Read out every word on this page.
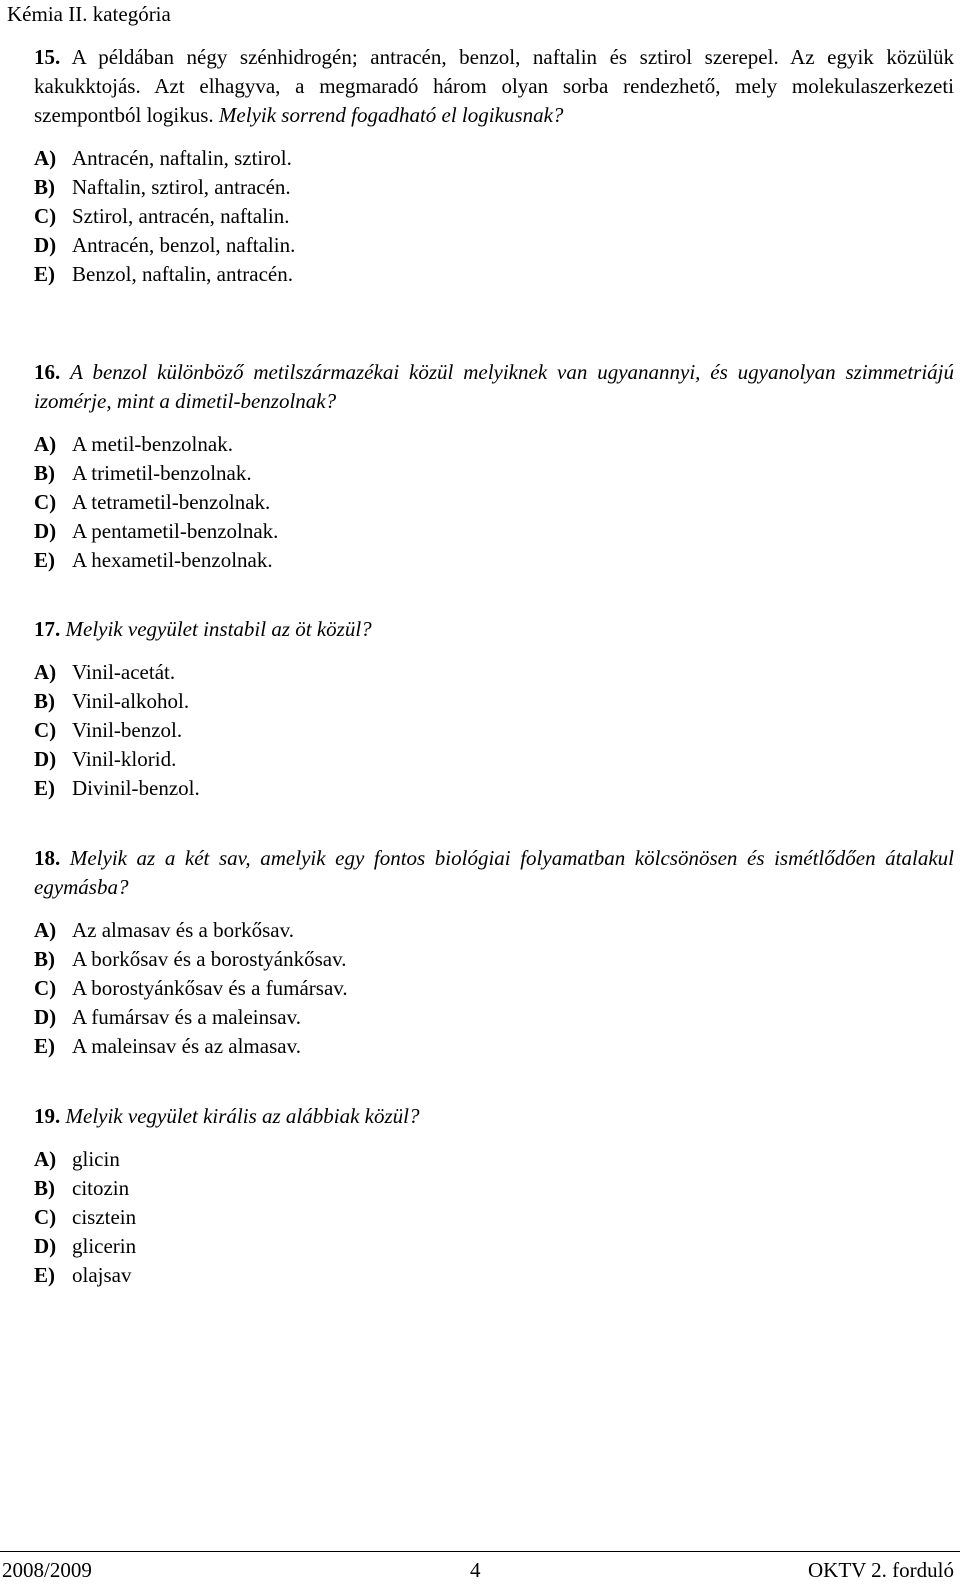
Kémia II. kategória
15. A példában négy szénhidrogén; antracén, benzol, naftalin és sztirol szerepel. Az egyik közülük kakukktojás. Azt elhagyva, a megmaradó három olyan sorba rendezhető, mely molekulaszerkezeti szempontból logikus. Melyik sorrend fogadható el logikusnak?
A) Antracén, naftalin, sztirol.
B) Naftalin, sztirol, antracén.
C) Sztirol, antracén, naftalin.
D) Antracén, benzol, naftalin.
E) Benzol, naftalin, antracén.
16. A benzol különböző metilszármazékai közül melyiknek van ugyanannyi, és ugyanolyan szimmetriájú izomérje, mint a dimetil-benzolnak?
A) A metil-benzolnak.
B) A trimetil-benzolnak.
C) A tetrametil-benzolnak.
D) A pentametil-benzolnak.
E) A hexametil-benzolnak.
17. Melyik vegyület instabil az öt közül?
A) Vinil-acetát.
B) Vinil-alkohol.
C) Vinil-benzol.
D) Vinil-klorid.
E) Divinil-benzol.
18. Melyik az a két sav, amelyik egy fontos biológiai folyamatban kölcsönösen és ismétlődően átalakul egymásba?
A) Az almasav és a borkősav.
B) A borkősav és a borostyánkősav.
C) A borostyánkősav és a fumársav.
D) A fumársav és a maleinsav.
E) A maleinsav és az almasav.
19. Melyik vegyület királis az alábbiak közül?
A) glicin
B) citozin
C) cisztein
D) glicerin
E) olajsav
2008/2009	4	OKTV 2. forduló
